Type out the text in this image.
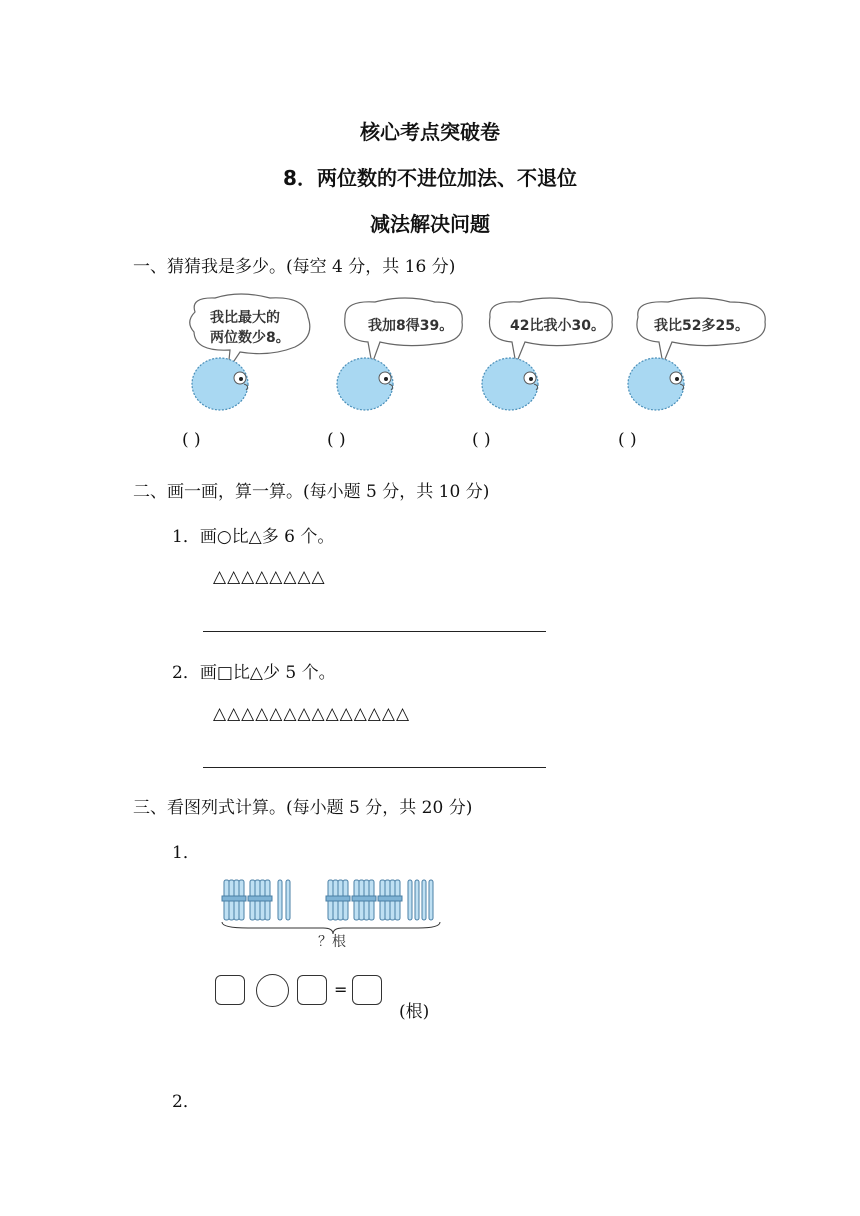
核心考点突破卷
8．两位数的不进位加法、不退位
减法解决问题
一、猜猜我是多少。(每空 4 分，共 16 分)
我比最大的
两位数少8。
我加8得39。	42比我小30。	我比52多25。
( )	( )	( )	( )
二、画一画，算一算。(每小题 5 分，共 10 分)
1．画○比△多 6 个。
△△△△△△△△
2．画□比△少 5 个。
△△△△△△△△△△△△△△
三、看图列式计算。(每小题 5 分，共 20 分)
1．
？根
=
(根)
2．
